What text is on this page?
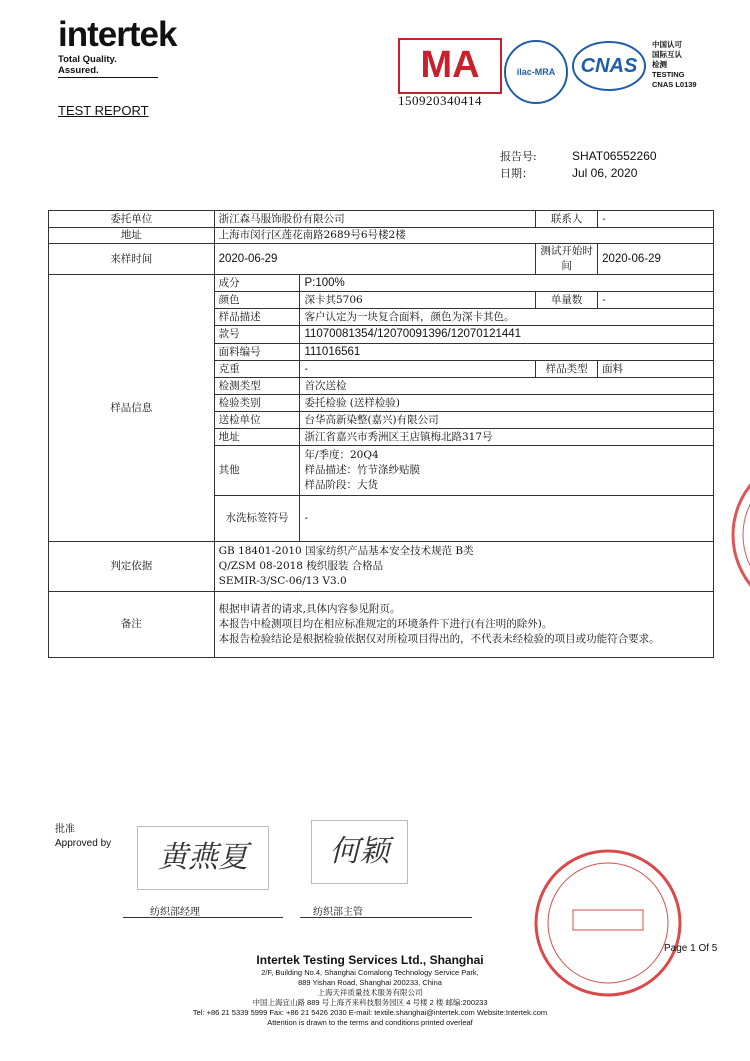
intertek
Total Quality. Assured.	MA
150920340414
ilac-MRA	CNAS
中国认可
国际互认
检测
TESTING
CNAS L0139
TEST REPORT
报告号:	SHAT06552260
日期：	Jul 06, 2020
委托单位	浙江森马服饰股份有限公司		联系人	-
地址	上海市闵行区莲花南路2689号6号楼2楼			
来样时间	2020-06-29		测试开始时间	2020-06-29
样品信息	成分	P:100%		
	颜色	深卡其5706	单量数	-
	样品描述	客户认定为一块复合面料，颜色为深卡其色。		
	款号	11070081354/12070091396/12070121441		
	面料编号	111016561		
	克重	-	样品类型	面料
	检测类型	首次送检		
	检验类别	委托检验 (送样检验)		
	送检单位	台华高新染整(嘉兴)有限公司		
	地址	浙江省嘉兴市秀洲区王店镇梅北路317号		
	其他	年/季度：20Q4
样品描述：竹节涤纱贴膜
样品阶段：大货		

	水洗标签符号	-		
判定依据	GB 18401-2010 国家纺织产品基本安全技术规范 B类
Q/ZSM 08-2018 梭织服装 合格品
SEMIR-3/SC-06/13 V3.0			

备注	根据申请者的请求,具体内容参见附页。
本报告中检测项目均在相应标准规定的环境条件下进行(有注明的除外)。
本报告检验结论是根据检验依据仅对所检项目得出的，不代表未经检验的项目或功能符合要求。			
批准
Approved by	黄燕夏	何颖
纺织部经理	纺织部主管
Intertek Testing Services Ltd., Shanghai
2/F, Building No.4, Shanghai Comalong Technology Service Park,
889 Yishan Road, Shanghai 200233, China
上海天祥质量技术服务有限公司
中国上海宜山路 889 号上海齐来科技服务园区 4 号楼 2 楼 邮编:200233
Tel: +86 21 5339 5999 Fax: +86 21 5426 2030 E-mail: textile.shanghai@intertek.com Website:Intertek.com
Attention is drawn to the terms and conditions printed overleaf
Page 1 Of 5
